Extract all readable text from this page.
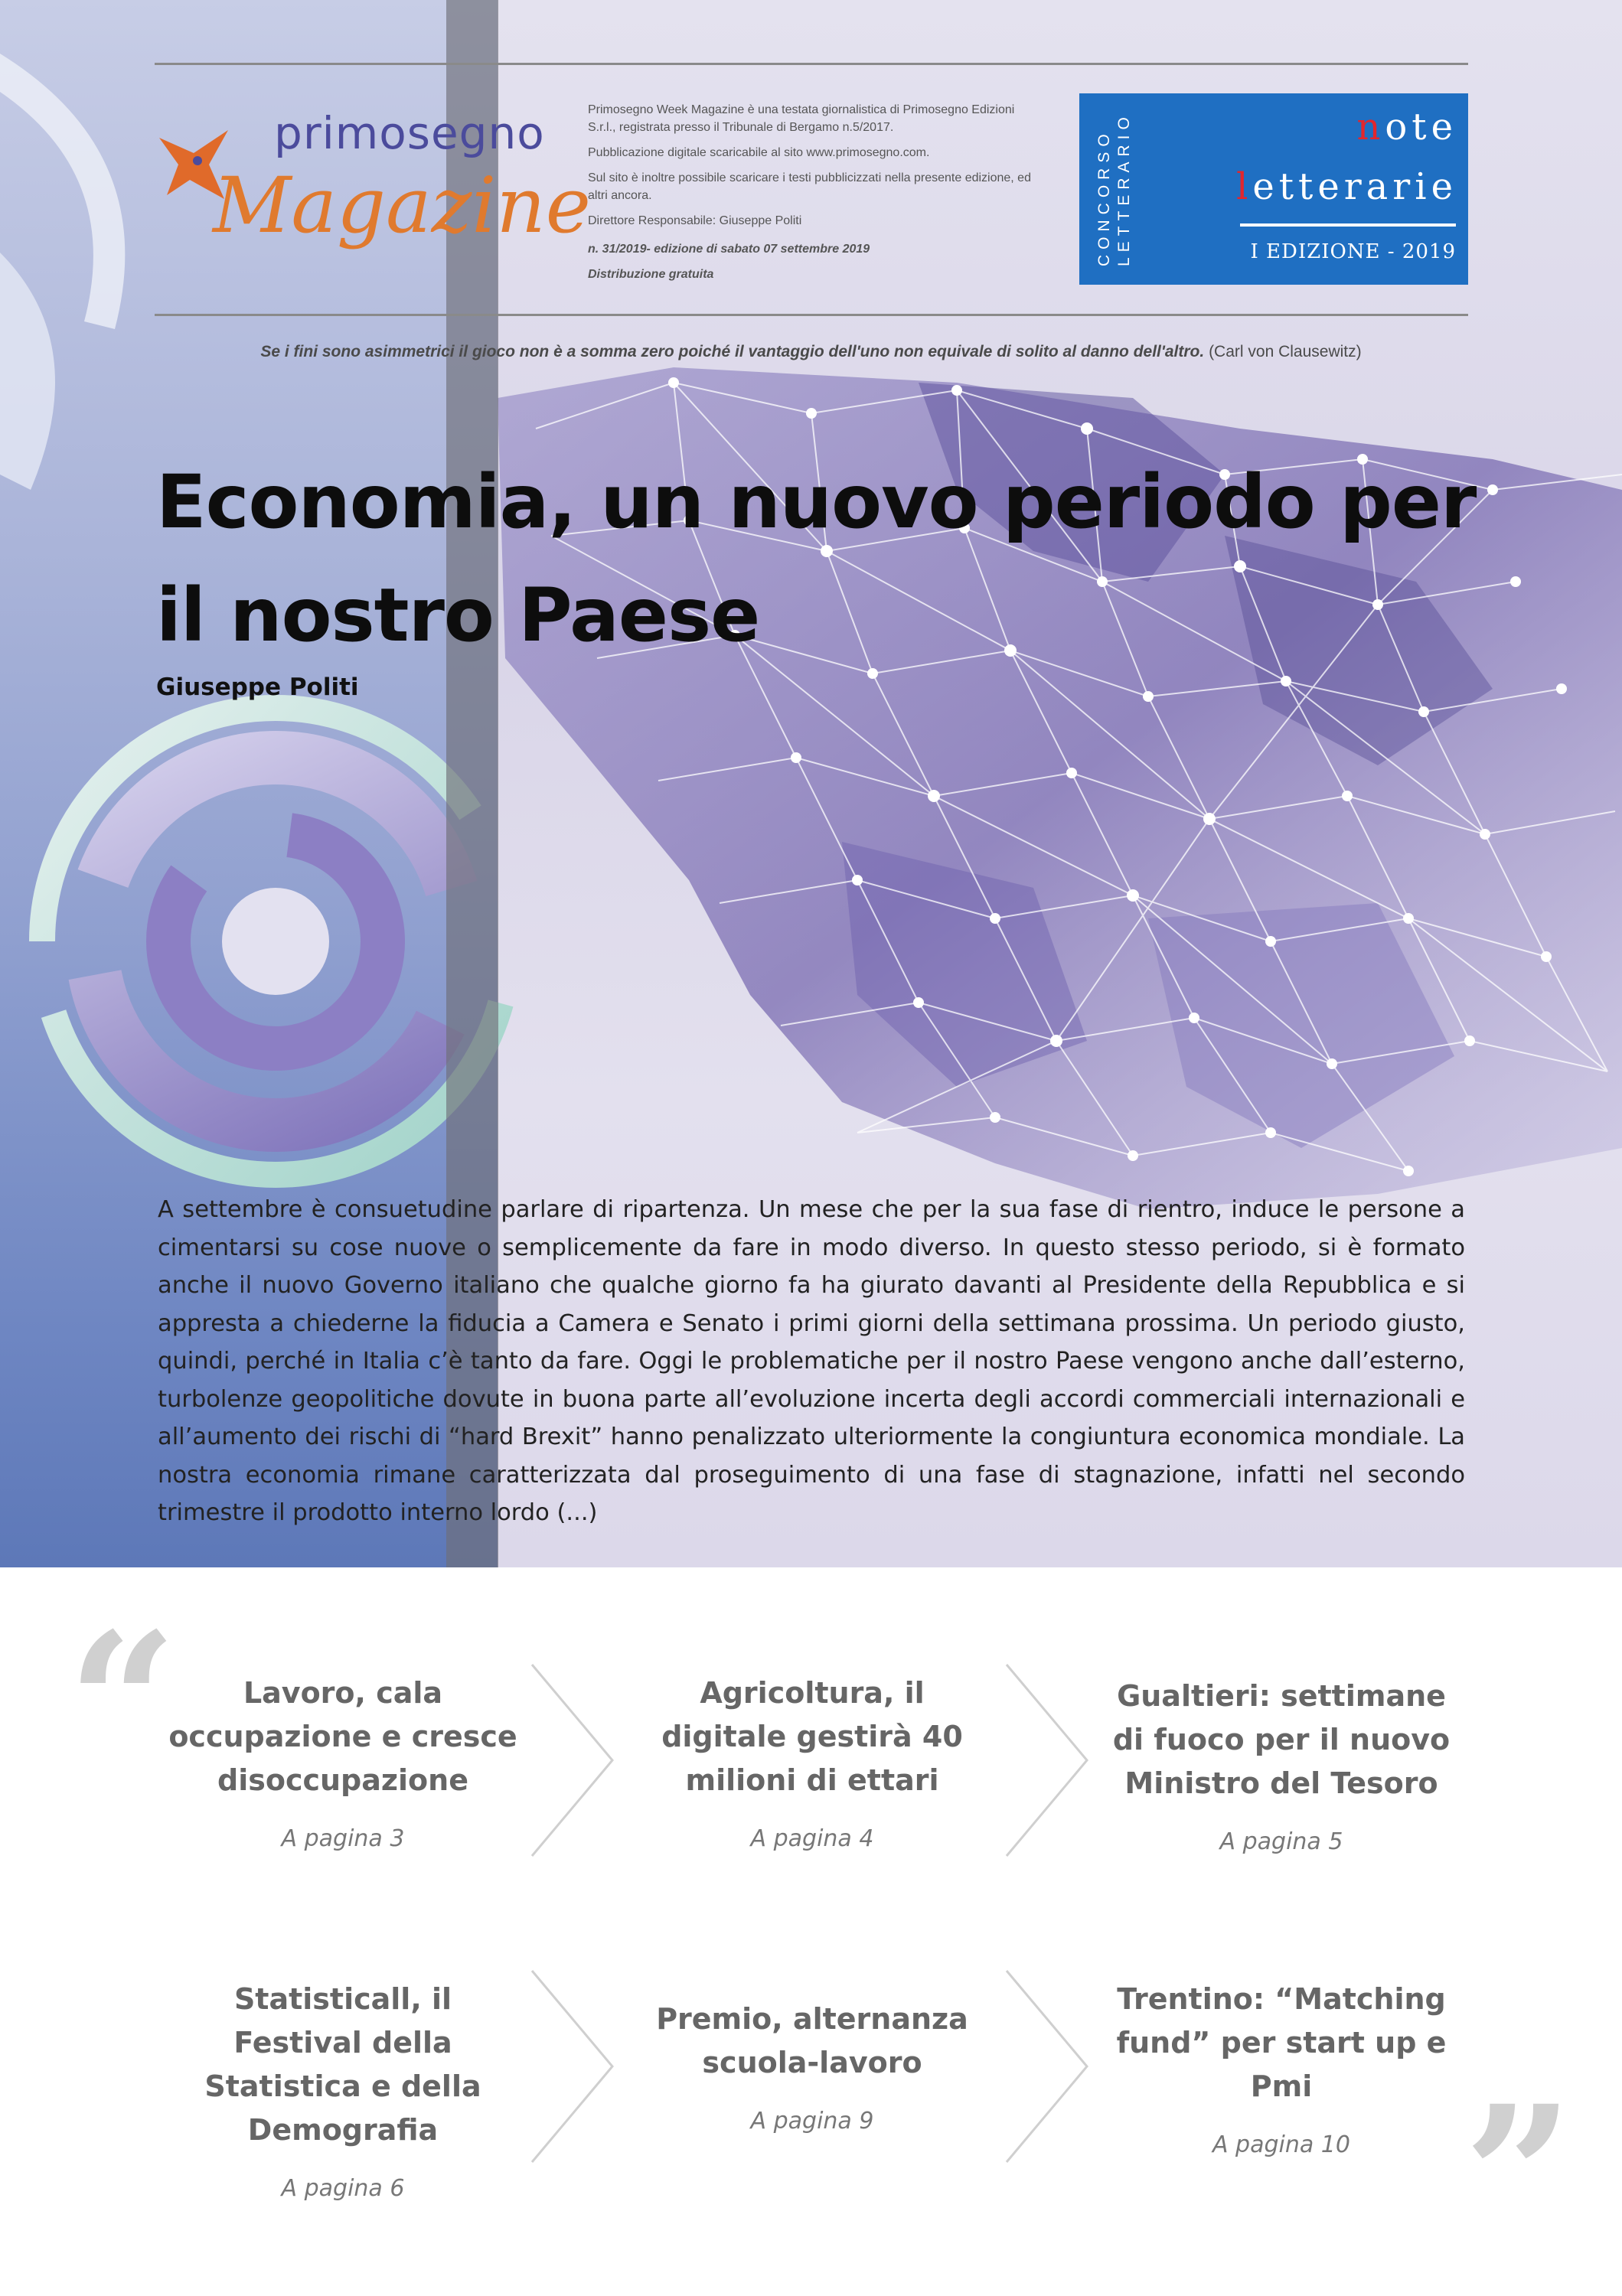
primosegno
Magazine

Primosegno Week Magazine è una testata giornalistica di Primosegno Edizioni S.r.l., registrata presso il Tribunale di Bergamo n.5/2017.

Pubblicazione digitale scaricabile al sito www.primosegno.com.

Sul sito è inoltre possibile scaricare i testi pubblicizzati nella presente edizione, ed altri ancora.

Direttore Responsabile: Giuseppe Politi

n. 31/2019- edizione di sabato 07 settembre 2019

Distribuzione gratuita

CONCORSO LETTERARIO	note
letterarie
I EDIZIONE - 2019
Se i fini sono asimmetrici il gioco non è a somma zero poiché il vantaggio dell'uno non equivale di solito al danno dell'altro. (Carl von Clausewitz)
Economia, un nuovo periodo per il nostro Paese
Giuseppe Politi

A settembre è consuetudine parlare di ripartenza. Un mese che per la sua fase di rientro, induce le persone a cimentarsi su cose nuove o semplicemente da fare in modo diverso. In questo stesso periodo, si è formato anche il nuovo Governo italiano che qualche giorno fa ha giurato davanti al Presidente della Repubblica e si appresta a chiederne la fiducia a Camera e Senato i primi giorni della settimana prossima. Un periodo giusto, quindi, perché in Italia c’è tanto da fare. Oggi le problematiche per il nostro Paese vengono anche dall’esterno, turbolenze geopolitiche dovute in buona parte all’evoluzione incerta degli accordi commerciali internazionali e all’aumento dei rischi di “hard Brexit” hanno penalizzato ulteriormente la congiuntura economica mondiale. La nostra economia rimane caratterizzata dal proseguimento di una fase di stagnazione, infatti nel secondo trimestre il prodotto interno lordo (...)

“
”
Lavoro, cala occupazione e cresce disoccupazione
A pagina 3
Agricoltura, il digitale gestirà 40 milioni di ettari
A pagina 4
Gualtieri: settimane di fuoco per il nuovo Ministro del Tesoro
A pagina 5
Statisticall, il Festival della Statistica e della Demografia
A pagina 6
Premio, alternanza scuola-lavoro
A pagina 9
Trentino: “Matching fund” per start up e Pmi
A pagina 10
